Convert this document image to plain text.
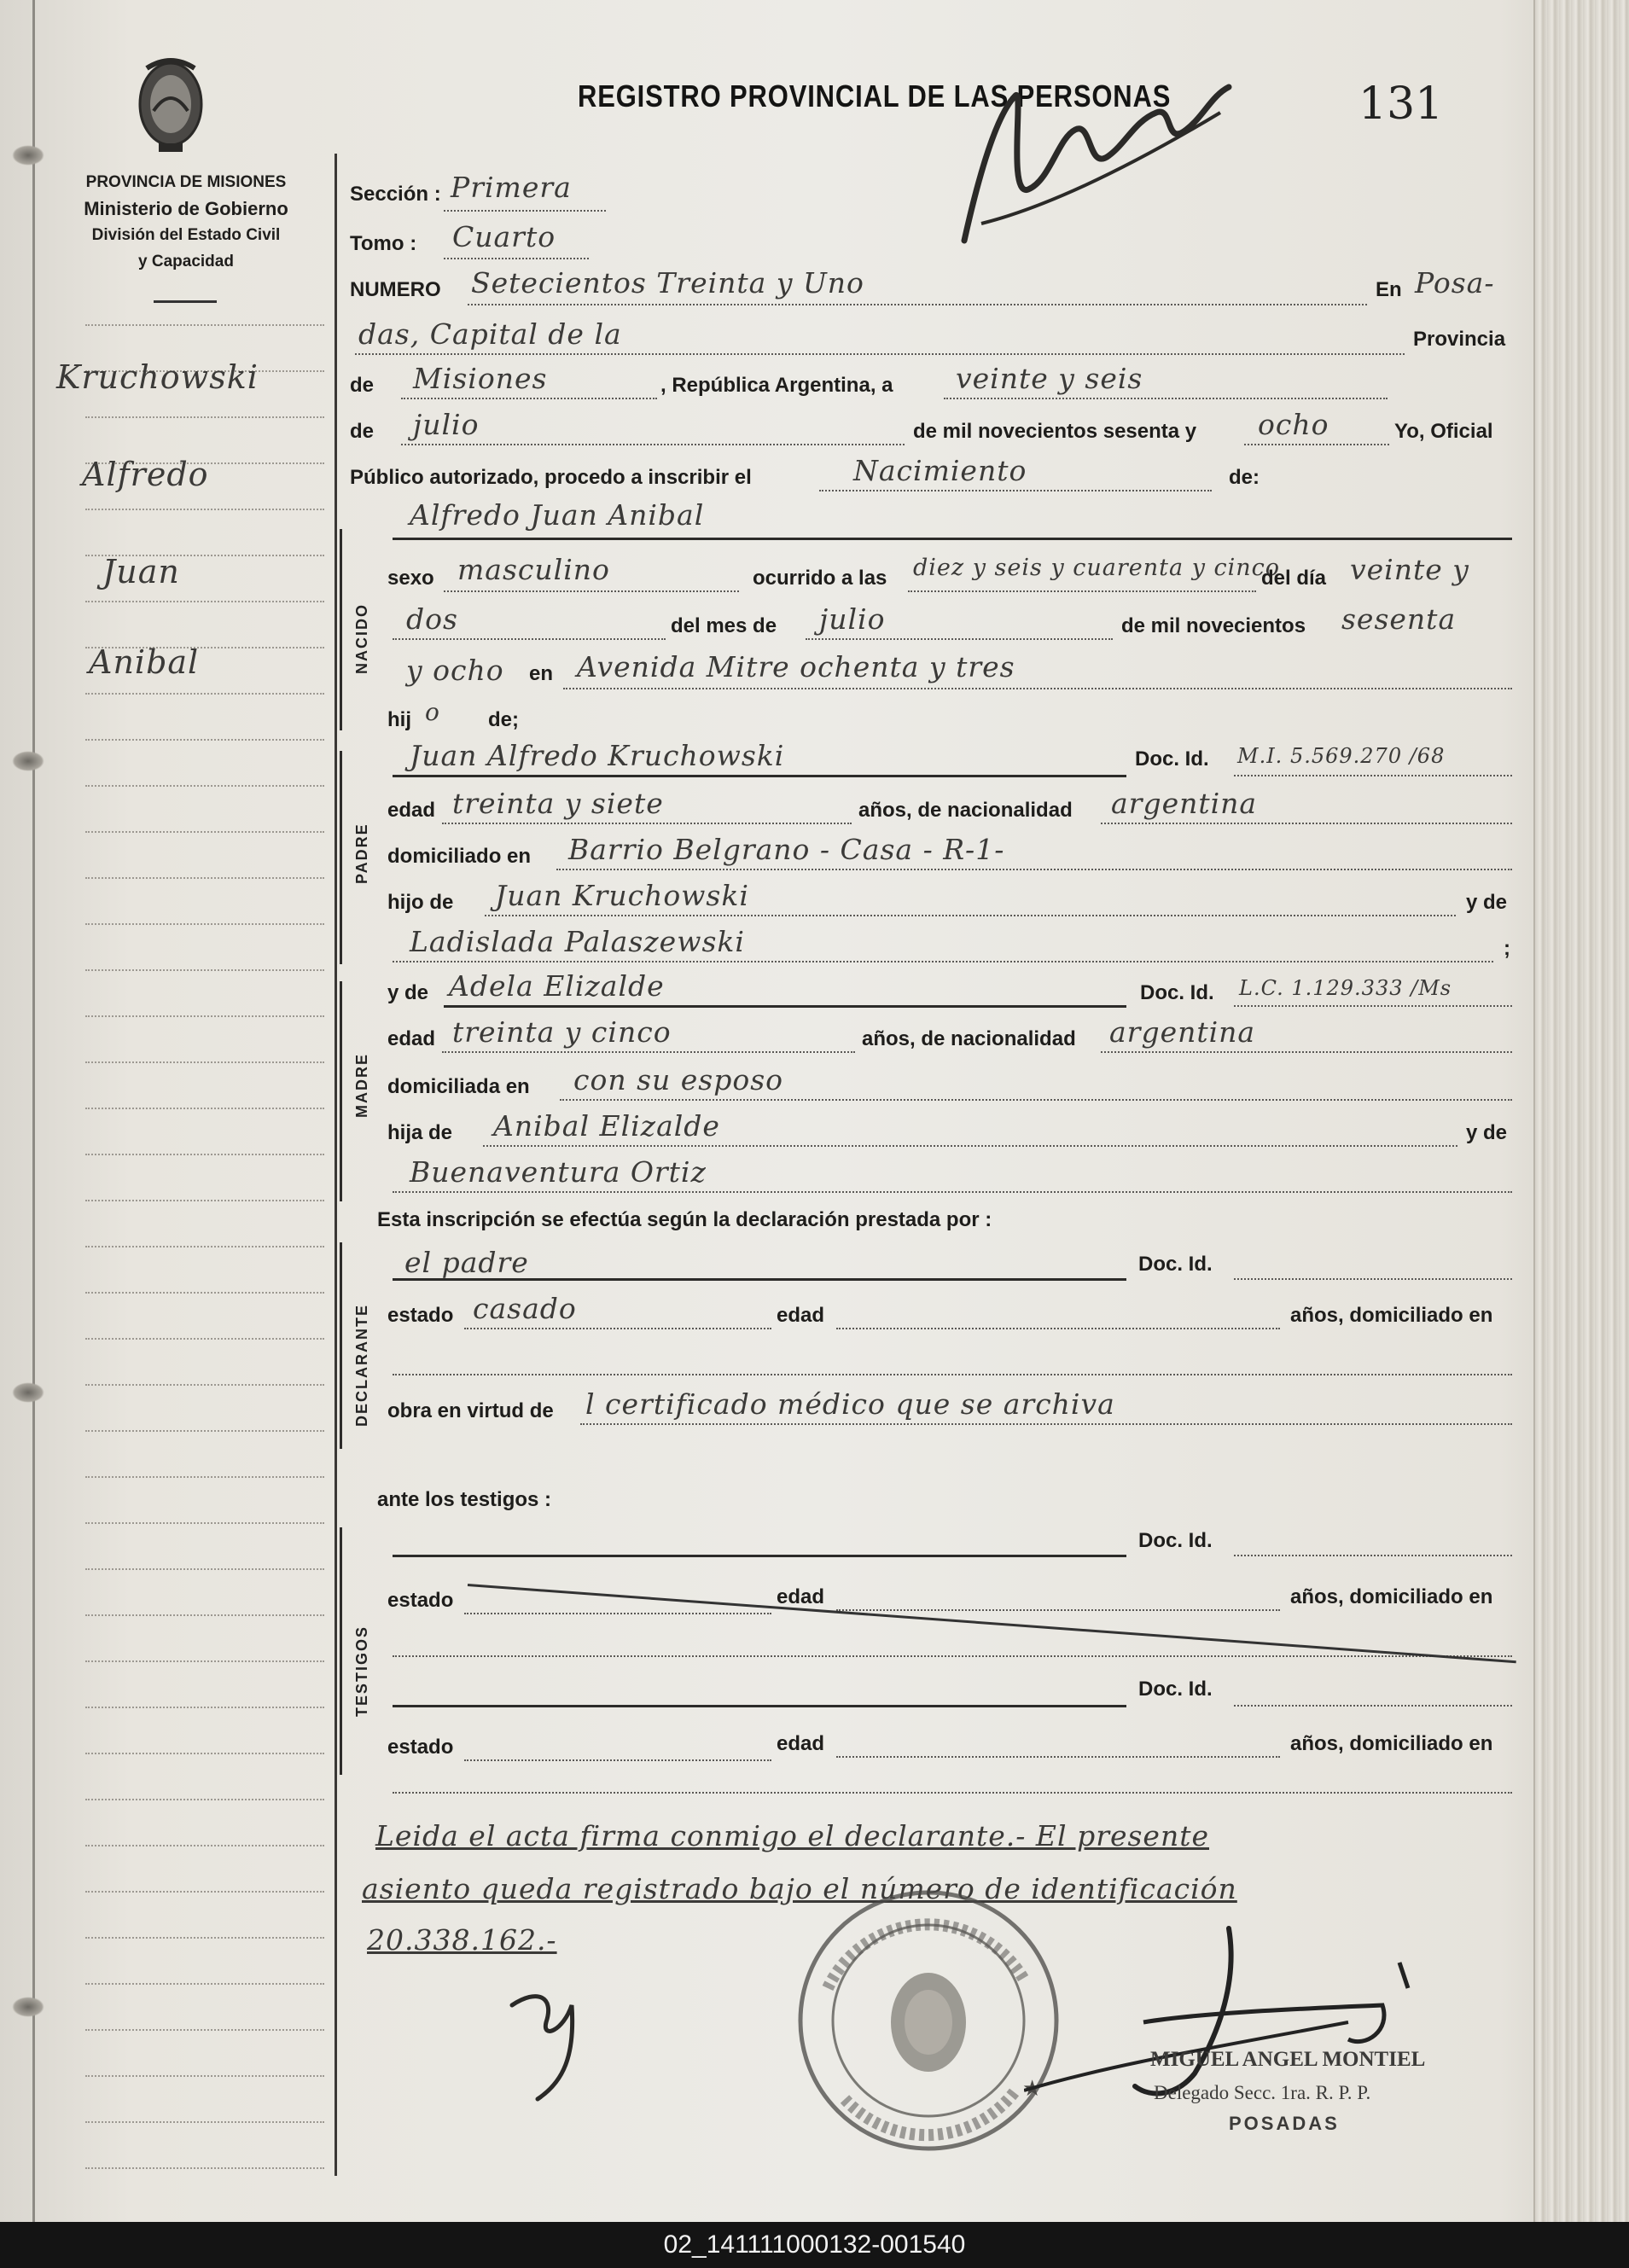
PROVINCIA DE MISIONES
Ministerio de Gobierno
División del Estado Civil
y Capacidad
Kruchowski
Alfredo
Juan
Anibal
REGISTRO PROVINCIAL DE LAS PERSONAS	131
Sección : Primera
Tomo : Cuarto
NUMERO Setecientos Treinta y Uno	En Posa-
das, Capital de la	Provincia
de Misiones	, República Argentina, a veinte y seis
de julio	de mil novecientos sesenta y ocho	Yo, Oficial
Público autorizado, procedo a inscribir el	Nacimiento	de:
NACIDO
Alfredo Juan Anibal
sexo masculino	ocurrido a las diez y seis y cuarenta y cinco
del día veinte y
dos	del mes de julio	de mil novecientos sesenta
y ocho en Avenida Mitre ochenta y tres
hij o de;
PADRE
Juan Alfredo Kruchowski	Doc. Id. M.I. 5.569.270 /68
edad treinta y siete	años, de nacionalidad argentina
domiciliado en Barrio Belgrano - Casa - R-1-
hijo de Juan Kruchowski	y de
Ladislada Palaszewski	;
MADRE
y de Adela Elizalde	Doc. Id. L.C. 1.129.333 /Ms
edad treinta y cinco	años, de nacionalidad argentina
domiciliada en con su esposo
hija de Anibal Elizalde	y de
Buenaventura Ortiz
Esta inscripción se efectúa según la declaración prestada por :
DECLARANTE
el padre	Doc. Id.
estado casado	edad	años, domiciliado en
obra en virtud de l certificado médico que se archiva
ante los testigos :
TESTIGOS
Doc. Id.
estado	edad	años, domiciliado en
Doc. Id.
estado	edad	años, domiciliado en
Leida el acta firma conmigo el declarante.- El presente
asiento queda registrado bajo el número de identificación
20.338.162.-
★
MIGUEL ANGEL MONTIEL
Delegado Secc. 1ra. R. P. P.
POSADAS
02_141111000132-001540
